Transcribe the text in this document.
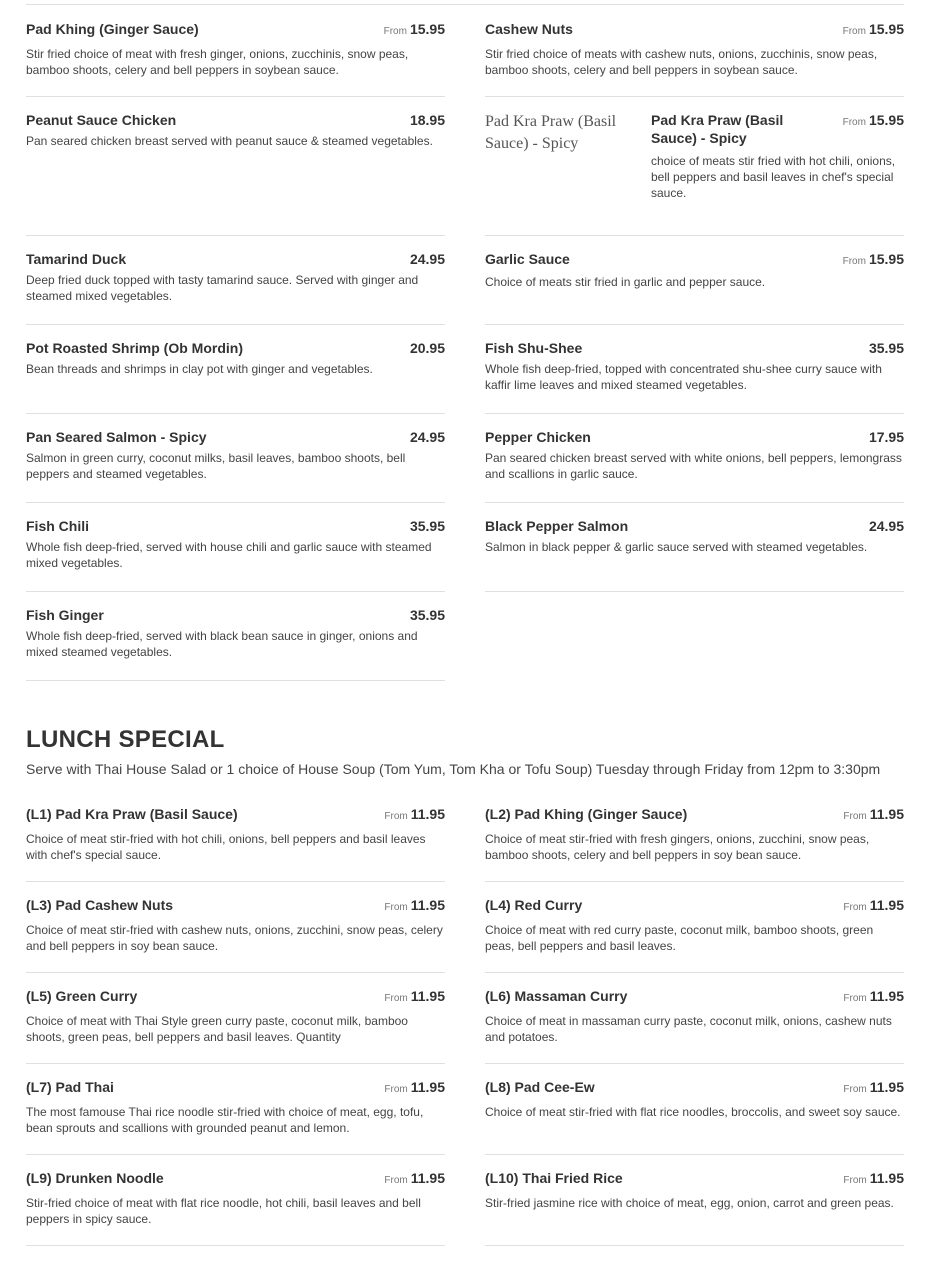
Pad Khing (Ginger Sauce)	From 15.95
Stir fried choice of meat with fresh ginger, onions, zucchinis, snow peas, bamboo shoots, celery and bell peppers in soybean sauce.
Peanut Sauce Chicken	18.95
Pan seared chicken breast served with peanut sauce & steamed vegetables.
Tamarind Duck	24.95
Deep fried duck topped with tasty tamarind sauce. Served with ginger and steamed mixed vegetables.
Pot Roasted Shrimp (Ob Mordin)	20.95
Bean threads and shrimps in clay pot with ginger and vegetables.
Pan Seared Salmon - Spicy	24.95
Salmon in green curry, coconut milks, basil leaves, bamboo shoots, bell peppers and steamed vegetables.
Fish Chili	35.95
Whole fish deep-fried, served with house chili and garlic sauce with steamed mixed vegetables.
Fish Ginger	35.95
Whole fish deep-fried, served with black bean sauce in ginger, onions and mixed steamed vegetables.
Cashew Nuts	From 15.95
Stir fried choice of meats with cashew nuts, onions, zucchinis, snow peas, bamboo shoots, celery and bell peppers in soybean sauce.
Pad Kra Praw (Basil Sauce) - Spicy
Pad Kra Praw (Basil Sauce) - Spicy
From 15.95
choice of meats stir fried with hot chili, onions, bell peppers and basil leaves in chef's special sauce.
Garlic Sauce	From 15.95
Choice of meats stir fried in garlic and pepper sauce.
Fish Shu-Shee	35.95
Whole fish deep-fried, topped with concentrated shu-shee curry sauce with kaffir lime leaves and mixed steamed vegetables.
Pepper Chicken	17.95
Pan seared chicken breast served with white onions, bell peppers, lemongrass and scallions in garlic sauce.
Black Pepper Salmon	24.95
Salmon in black pepper & garlic sauce served with steamed vegetables.
LUNCH SPECIAL
Serve with Thai House Salad or 1 choice of House Soup (Tom Yum, Tom Kha or Tofu Soup) Tuesday through Friday from 12pm to 3:30pm
(L1) Pad Kra Praw (Basil Sauce)	From 11.95
Choice of meat stir-fried with hot chili, onions, bell peppers and basil leaves with chef's special sauce.
(L3) Pad Cashew Nuts	From 11.95
Choice of meat stir-fried with cashew nuts, onions, zucchini, snow peas, celery and bell peppers in soy bean sauce.
(L5) Green Curry	From 11.95
Choice of meat with Thai Style green curry paste, coconut milk, bamboo shoots, green peas, bell peppers and basil leaves. Quantity
(L7) Pad Thai	From 11.95
The most famouse Thai rice noodle stir-fried with choice of meat, egg, tofu, bean sprouts and scallions with grounded peanut and lemon.
(L9) Drunken Noodle	From 11.95
Stir-fried choice of meat with flat rice noodle, hot chili, basil leaves and bell peppers in spicy sauce.
(L2) Pad Khing (Ginger Sauce)	From 11.95
Choice of meat stir-fried with fresh gingers, onions, zucchini, snow peas, bamboo shoots, celery and bell peppers in soy bean sauce.
(L4) Red Curry	From 11.95
Choice of meat with red curry paste, coconut milk, bamboo shoots, green peas, bell peppers and basil leaves.
(L6) Massaman Curry	From 11.95
Choice of meat in massaman curry paste, coconut milk, onions, cashew nuts and potatoes.
(L8) Pad Cee-Ew	From 11.95
Choice of meat stir-fried with flat rice noodles, broccolis, and sweet soy sauce.
(L10) Thai Fried Rice	From 11.95
Stir-fried jasmine rice with choice of meat, egg, onion, carrot and green peas.
